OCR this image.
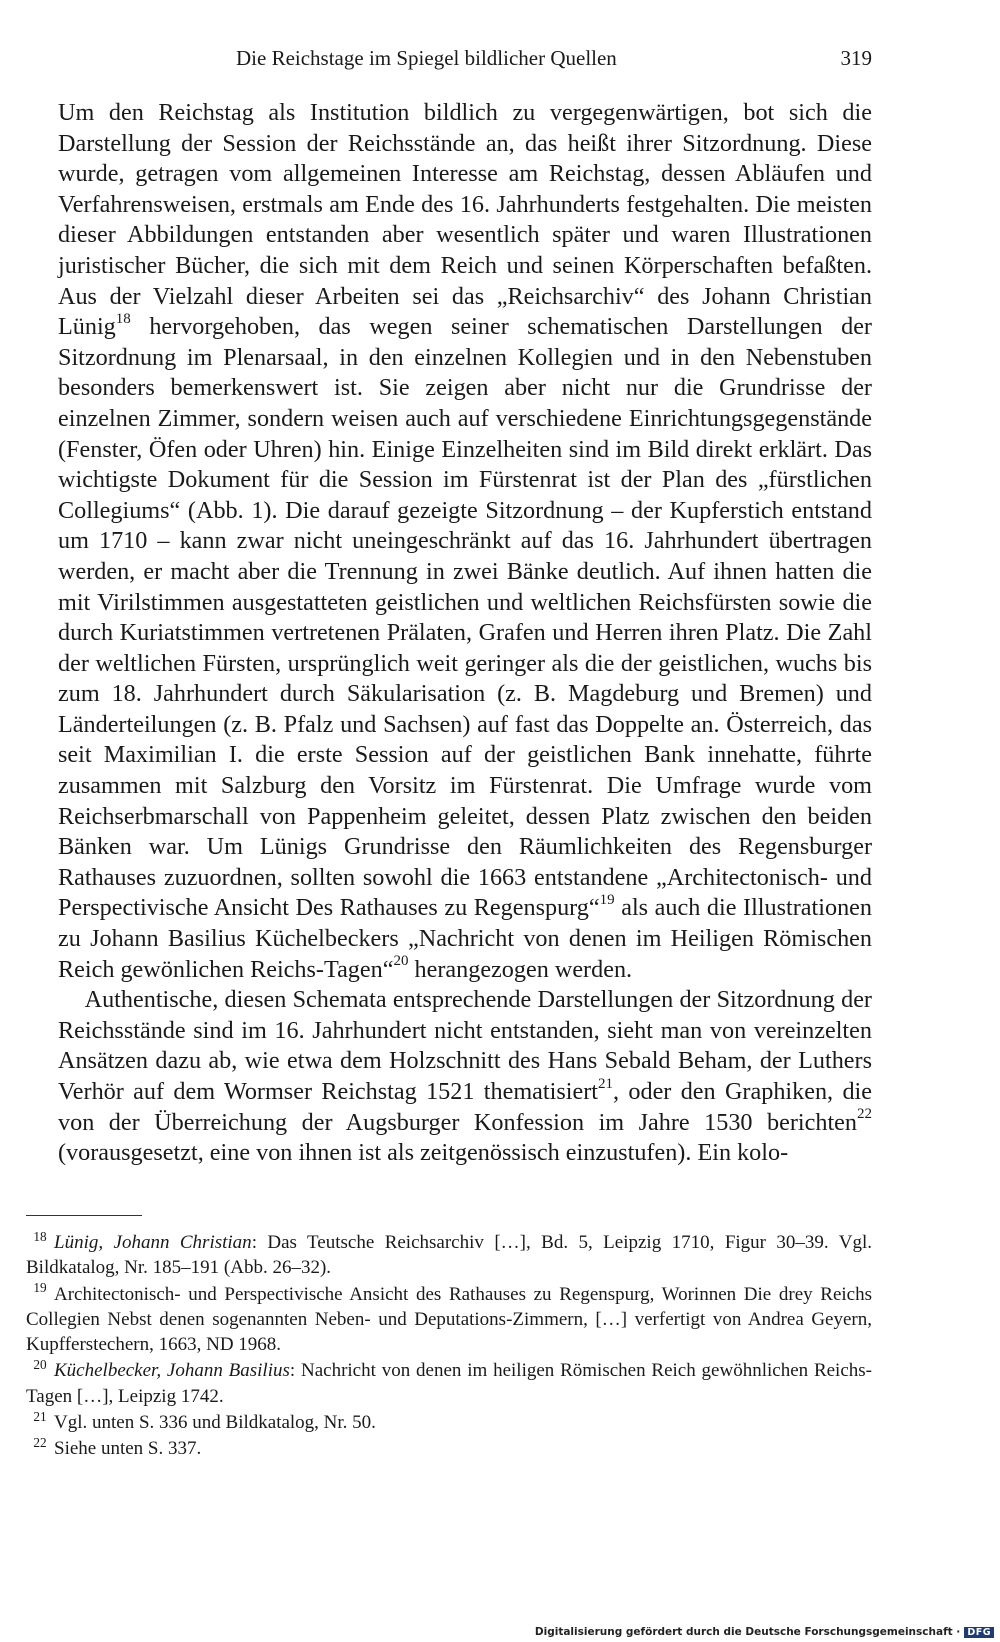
Die Reichstage im Spiegel bildlicher Quellen	319

Um den Reichstag als Institution bildlich zu vergegenwärtigen, bot sich die Darstellung der Session der Reichsstände an, das heißt ihrer Sitzordnung. Diese wurde, getragen vom allgemeinen Interesse am Reichstag, dessen Abläufen und Verfahrensweisen, erstmals am Ende des 16. Jahrhunderts festgehalten. Die meisten dieser Abbildungen entstanden aber wesentlich später und waren Illustrationen juristischer Bücher, die sich mit dem Reich und seinen Körperschaften befaßten. Aus der Vielzahl dieser Arbeiten sei das „Reichsarchiv“ des Johann Christian Lünig$^{18}$ hervorgehoben, das wegen seiner schematischen Darstellungen der Sitzordnung im Plenarsaal, in den einzelnen Kollegien und in den Nebenstuben besonders bemerkenswert ist. Sie zeigen aber nicht nur die Grundrisse der einzelnen Zimmer, sondern weisen auch auf verschiedene Einrichtungsgegenstände (Fenster, Öfen oder Uhren) hin. Einige Einzelheiten sind im Bild direkt erklärt. Das wichtigste Dokument für die Session im Fürstenrat ist der Plan des „fürstlichen Collegiums“ (Abb. 1). Die darauf gezeigte Sitzordnung – der Kupferstich entstand um 1710 – kann zwar nicht uneingeschränkt auf das 16. Jahrhundert übertragen werden, er macht aber die Trennung in zwei Bänke deutlich. Auf ihnen hatten die mit Virilstimmen ausgestatteten geistlichen und weltlichen Reichsfürsten sowie die durch Kuriatstimmen vertretenen Prälaten, Grafen und Herren ihren Platz. Die Zahl der weltlichen Fürsten, ursprünglich weit geringer als die der geistlichen, wuchs bis zum 18. Jahrhundert durch Säkularisation (z. B. Magdeburg und Bremen) und Länderteilungen (z. B. Pfalz und Sachsen) auf fast das Doppelte an. Österreich, das seit Maximilian I. die erste Session auf der geistlichen Bank innehatte, führte zusammen mit Salzburg den Vorsitz im Fürstenrat. Die Umfrage wurde vom Reichserbmarschall von Pappenheim geleitet, dessen Platz zwischen den beiden Bänken war. Um Lünigs Grundrisse den Räumlichkeiten des Regensburger Rathauses zuzuordnen, sollten sowohl die 1663 entstandene „Architectonisch- und Perspectivische Ansicht Des Rathauses zu Regenspurg“$^{19}$ als auch die Illustrationen zu Johann Basilius Küchelbeckers „Nachricht von denen im Heiligen Römischen Reich gewönlichen Reichs-Tagen“$^{20}$ herangezogen werden.

Authentische, diesen Schemata entsprechende Darstellungen der Sitzordnung der Reichsstände sind im 16. Jahrhundert nicht entstanden, sieht man von vereinzelten Ansätzen dazu ab, wie etwa dem Holzschnitt des Hans Sebald Beham, der Luthers Verhör auf dem Wormser Reichstag 1521 thematisiert$^{21}$, oder den Graphiken, die von der Überreichung der Augsburger Konfession im Jahre 1530 berichten$^{22}$ (vorausgesetzt, eine von ihnen ist als zeitgenössisch einzustufen). Ein kolo-

18 Lünig, Johann Christian: Das Teutsche Reichsarchiv […], Bd. 5, Leipzig 1710, Figur 30–39. Vgl. Bildkatalog, Nr. 185–191 (Abb. 26–32).

19 Architectonisch- und Perspectivische Ansicht des Rathauses zu Regenspurg, Worinnen Die drey Reichs Collegien Nebst denen sogenannten Neben- und Deputations-Zimmern, […] verfertigt von Andrea Geyern, Kupfferstechern, 1663, ND 1968.

20 Küchelbecker, Johann Basilius: Nachricht von denen im heiligen Römischen Reich gewöhnlichen Reichs-Tagen […], Leipzig 1742.

21 Vgl. unten S. 336 und Bildkatalog, Nr. 50.

22 Siehe unten S. 337.

Digitalisierung gefördert durch die Deutsche Forschungsgemeinschaft · DFG
